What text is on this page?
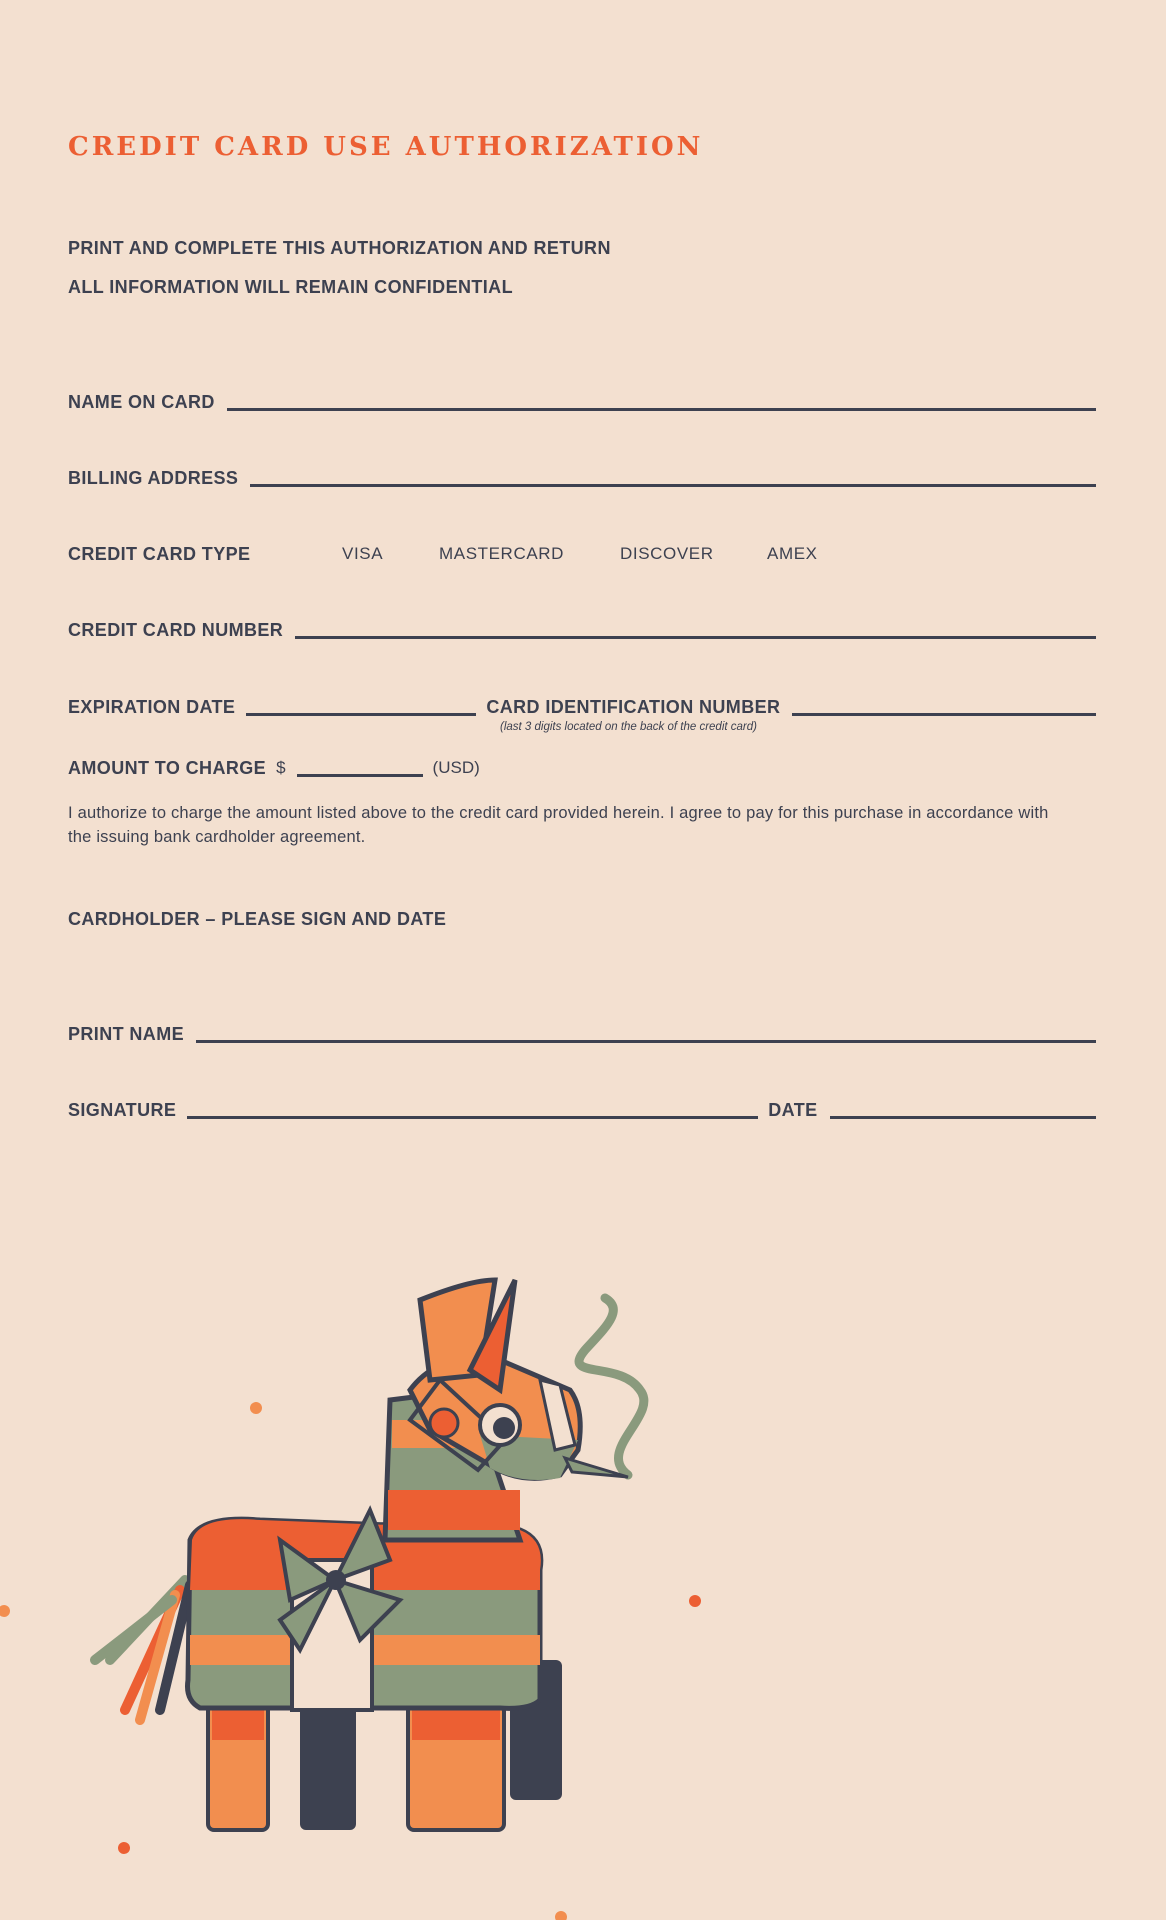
CREDIT CARD USE AUTHORIZATION
PRINT AND COMPLETE THIS AUTHORIZATION AND RETURN
ALL INFORMATION WILL REMAIN CONFIDENTIAL
NAME ON CARD
BILLING ADDRESS
CREDIT CARD TYPE	VISA	MASTERCARD	DISCOVER	AMEX
CREDIT CARD NUMBER
EXPIRATION DATE	CARD IDENTIFICATION NUMBER
(last 3 digits located on the back of the credit card)
AMOUNT TO CHARGE $	(USD)
I authorize to charge the amount listed above to the credit card provided herein. I agree to pay for this purchase in accordance with the issuing bank cardholder agreement.
CARDHOLDER – PLEASE SIGN AND DATE
PRINT NAME
SIGNATURE	DATE
